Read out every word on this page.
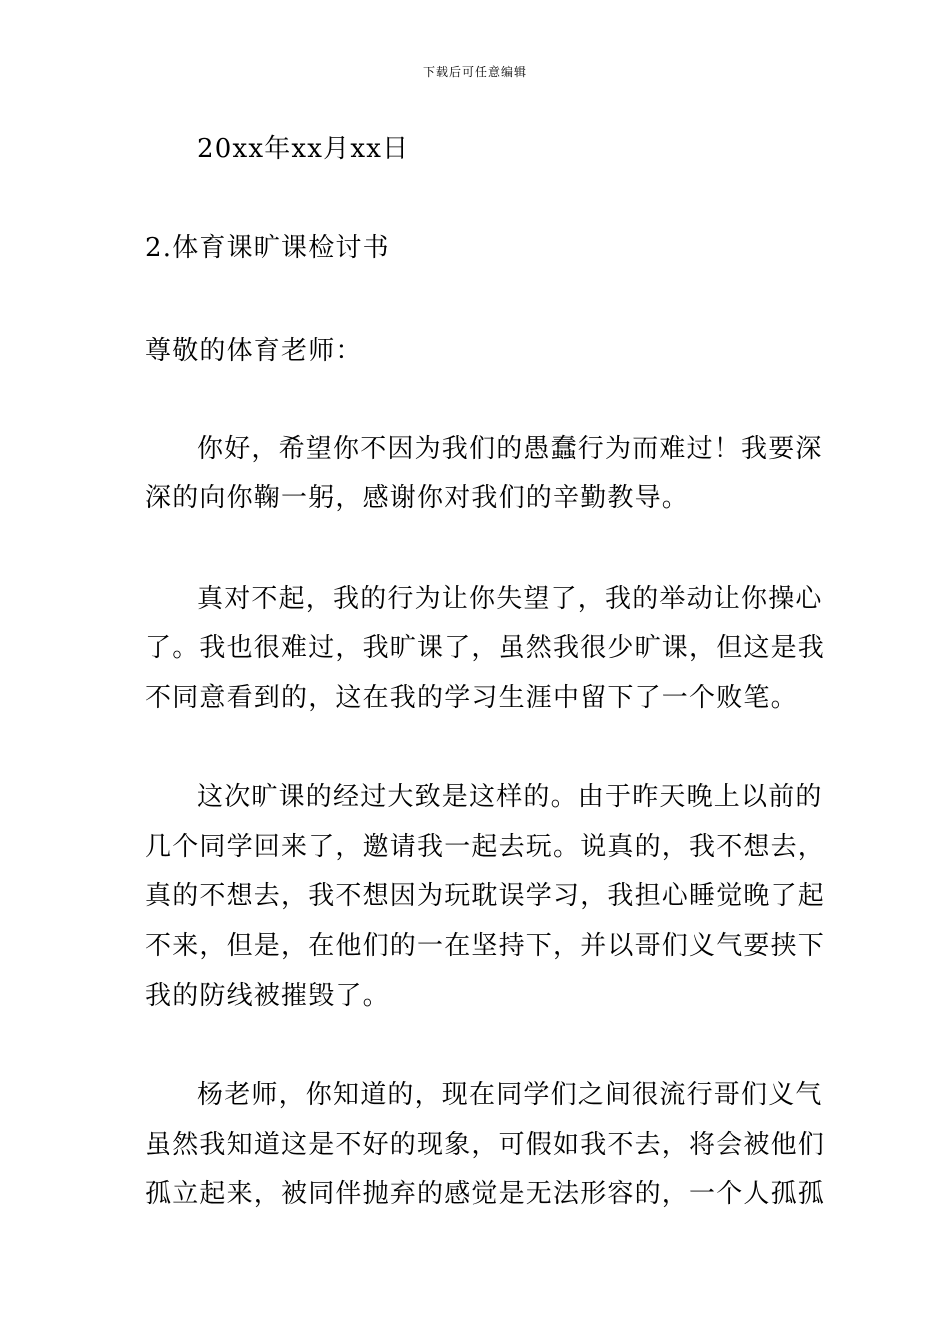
下载后可任意编辑
20xx年xx月xx日
2.体育课旷课检讨书
尊敬的体育老师：
你好，希望你不因为我们的愚蠢行为而难过！我要深
深的向你鞠一躬，感谢你对我们的辛勤教导。
真对不起，我的行为让你失望了，我的举动让你操心
了。我也很难过，我旷课了，虽然我很少旷课，但这是我
不同意看到的，这在我的学习生涯中留下了一个败笔。
这次旷课的经过大致是这样的。由于昨天晚上以前的
几个同学回来了，邀请我一起去玩。说真的，我不想去，
真的不想去，我不想因为玩耽误学习，我担心睡觉晚了起
不来，但是，在他们的一在坚持下，并以哥们义气要挟下
我的防线被摧毁了。
杨老师，你知道的，现在同学们之间很流行哥们义气
虽然我知道这是不好的现象，可假如我不去，将会被他们
孤立起来，被同伴抛弃的感觉是无法形容的，一个人孤孤
